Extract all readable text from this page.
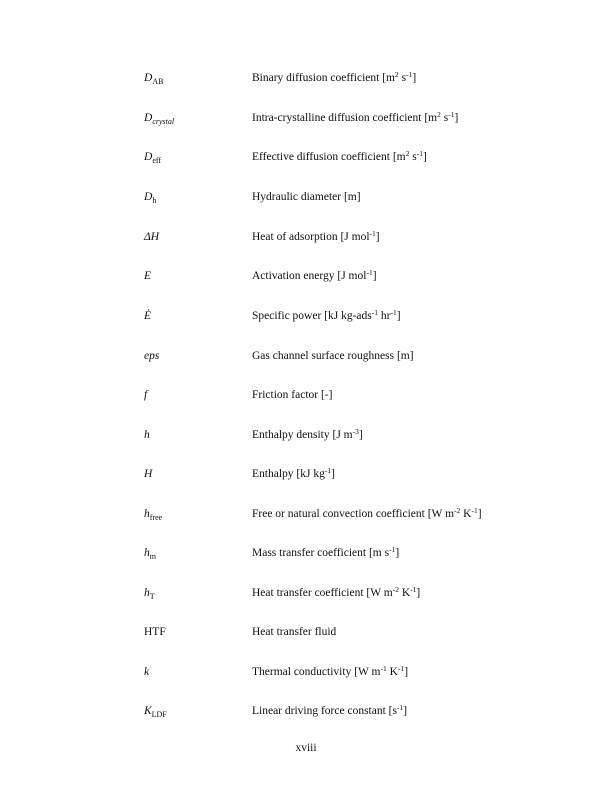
$D_{AB}$	Binary diffusion coefficient [$m^2$ $s^{-1}$]
$D_{crystal}$	Intra-crystalline diffusion coefficient [$m^2$ $s^{-1}$]
$D_{eff}$	Effective diffusion coefficient [$m^2$ $s^{-1}$]
$D_h$	Hydraulic diameter [m]
ΔH	Heat of adsorption [J mol$^{-1}$]
E	Activation energy [J mol$^{-1}$]
Ė	Specific power [kJ kg-ads$^{-1}$ $hr^{-1}$]
eps	Gas channel surface roughness [m]
f	Friction factor [-]
h	Enthalpy density [J $m^{-3}$]
H	Enthalpy [kJ $kg^{-1}$]
$h_{free}$	Free or natural convection coefficient [W $m^{-2}$ $K^{-1}$]
$h_m$	Mass transfer coefficient [m $s^{-1}$]
$h_T$	Heat transfer coefficient [W $m^{-2}$ $K^{-1}$]
HTF	Heat transfer fluid
k	Thermal conductivity [W $m^{-1}$ $K^{-1}$]
$K_{LDF}$	Linear driving force constant $[s^{-1}]$
xviii
